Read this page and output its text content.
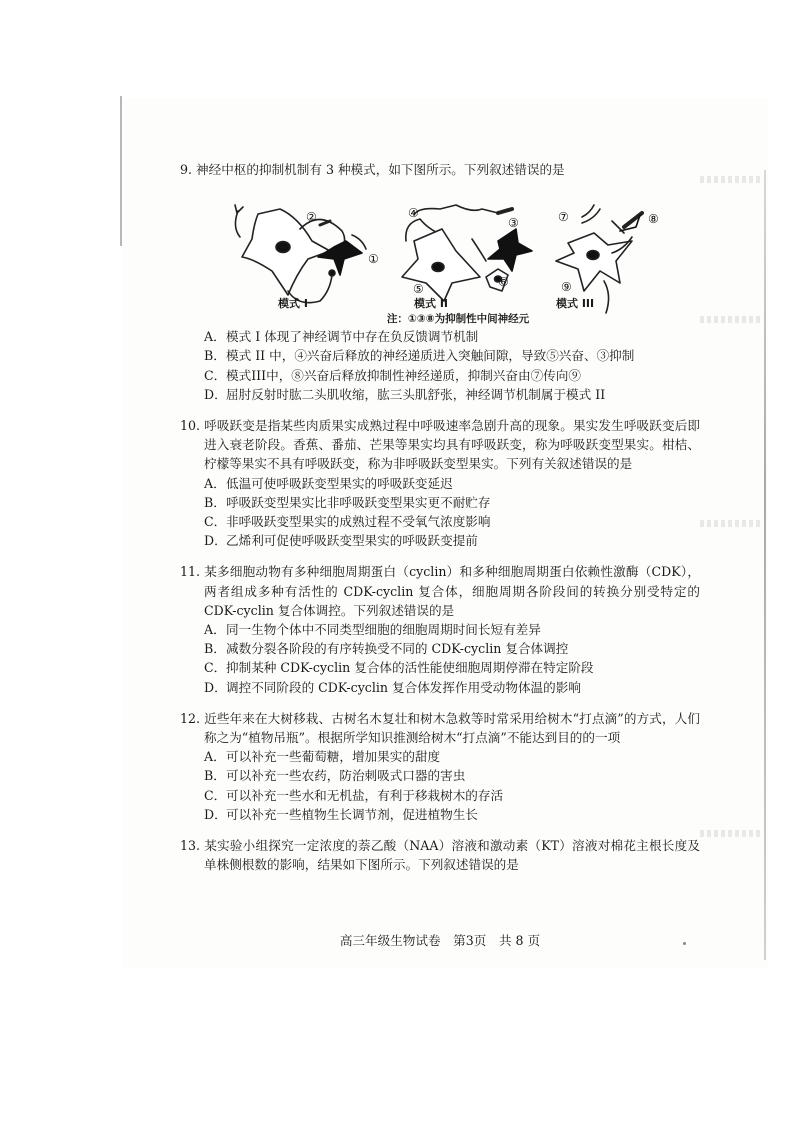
9. 神经中枢的抑制机制有 3 种模式，如下图所示。下列叙述错误的是

①
②	③
④
⑤	⑥
⑦	⑧
⑨
模式 I	模式 II	模式 III
注：①③⑧为抑制性中间神经元

A．模式 I 体现了神经调节中存在负反馈调节机制

B．模式 II 中，④兴奋后释放的神经递质进入突触间隙，导致⑤兴奋、③抑制

C．模式III中，⑧兴奋后释放抑制性神经递质，抑制兴奋由⑦传向⑨

D．屈肘反射时肱二头肌收缩，肱三头肌舒张，神经调节机制属于模式 II

10. 呼吸跃变是指某些肉质果实成熟过程中呼吸速率急剧升高的现象。果实发生呼吸跃变后即进入衰老阶段。香蕉、番茄、芒果等果实均具有呼吸跃变，称为呼吸跃变型果实。柑桔、柠檬等果实不具有呼吸跃变，称为非呼吸跃变型果实。下列有关叙述错误的是

A．低温可使呼吸跃变型果实的呼吸跃变延迟

B．呼吸跃变型果实比非呼吸跃变型果实更不耐贮存

C．非呼吸跃变型果实的成熟过程不受氧气浓度影响

D．乙烯利可促使呼吸跃变型果实的呼吸跃变提前

11. 某多细胞动物有多种细胞周期蛋白（cyclin）和多种细胞周期蛋白依赖性激酶（CDK），两者组成多种有活性的 CDK-cyclin 复合体，细胞周期各阶段间的转换分别受特定的 CDK-cyclin 复合体调控。下列叙述错误的是

A．同一生物个体中不同类型细胞的细胞周期时间长短有差异

B．减数分裂各阶段的有序转换受不同的 CDK-cyclin 复合体调控

C．抑制某种 CDK-cyclin 复合体的活性能使细胞周期停滞在特定阶段

D．调控不同阶段的 CDK-cyclin 复合体发挥作用受动物体温的影响

12. 近些年来在大树移栽、古树名木复壮和树木急救等时常采用给树木“打点滴”的方式，人们称之为“植物吊瓶”。根据所学知识推测给树木“打点滴”不能达到目的的一项

A．可以补充一些葡萄糖，增加果实的甜度

B．可以补充一些农药，防治刺吸式口器的害虫

C．可以补充一些水和无机盐，有利于移栽树木的存活

D．可以补充一些植物生长调节剂，促进植物生长

13. 某实验小组探究一定浓度的萘乙酸（NAA）溶液和激动素（KT）溶液对棉花主根长度及单株侧根数的影响，结果如下图所示。下列叙述错误的是

高三年级生物试卷　第3页　共 8 页
